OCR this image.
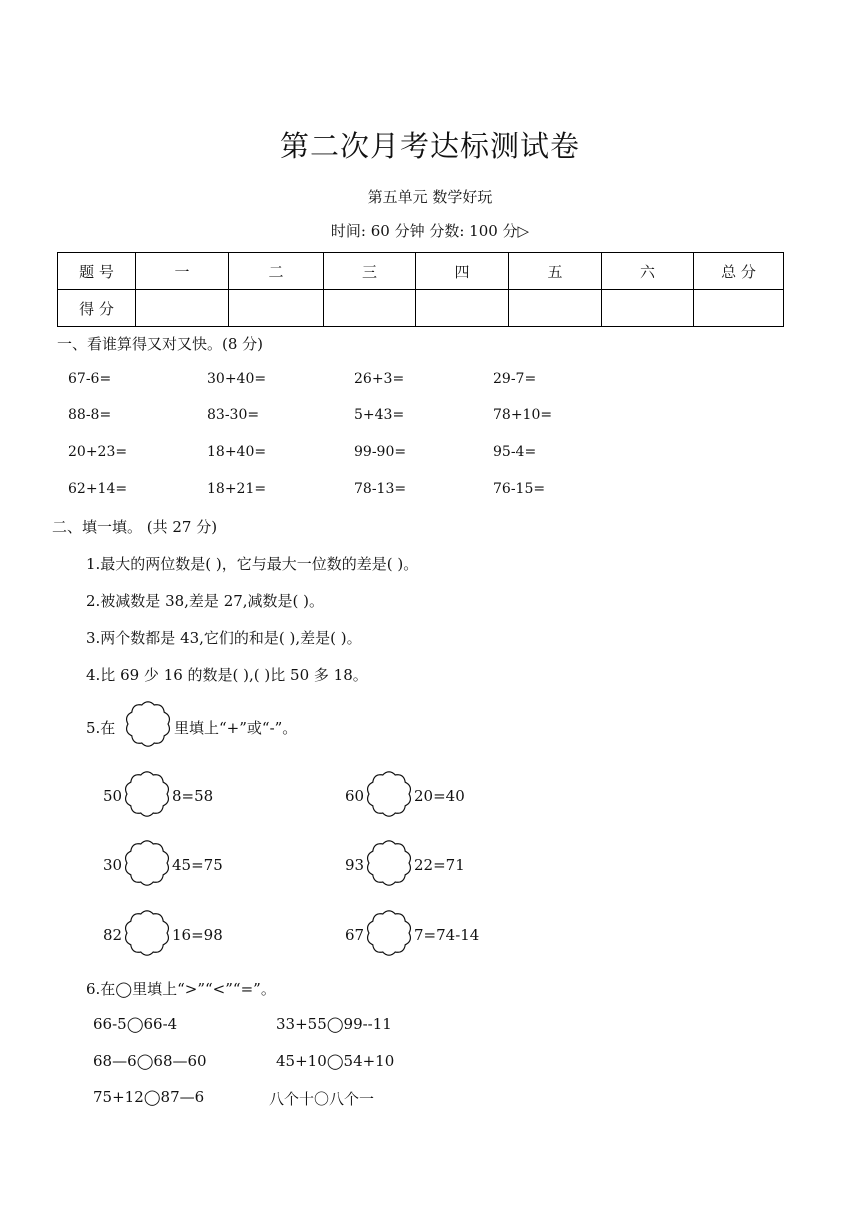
第二次月考达标测试卷
第五单元 数学好玩
时间: 60 分钟 分数: 100 分▷
题 号	一	二	三	四	五	六	总 分
得 分							
一、看谁算得又对又快。(8 分)
67-6=	30+40=	26+3=	29-7=
88-8=	83-30=	5+43=	78+10=
20+23=	18+40=	99-90=	95-4=
62+14=	18+21=	78-13=	76-15=
二、填一填。 (共 27 分)
1.最大的两位数是( )，它与最大一位数的差是( )。
2.被减数是 38,差是 27,减数是( )。
3.两个数都是 43,它们的和是( ),差是( )。
4.比 69 少 16 的数是( ),( )比 50 多 18。
5.在	里填上“+”或“-”。
50	8=58	60	20=40
30	45=75	93	22=71
82	16=98	67	7=74-14
6.在◯里填上“>”“<”“=”。
66-5◯66-4	33+55◯99--11
68—6◯68—60	45+10◯54+10
75+12◯87—6	八个十〇八个一
